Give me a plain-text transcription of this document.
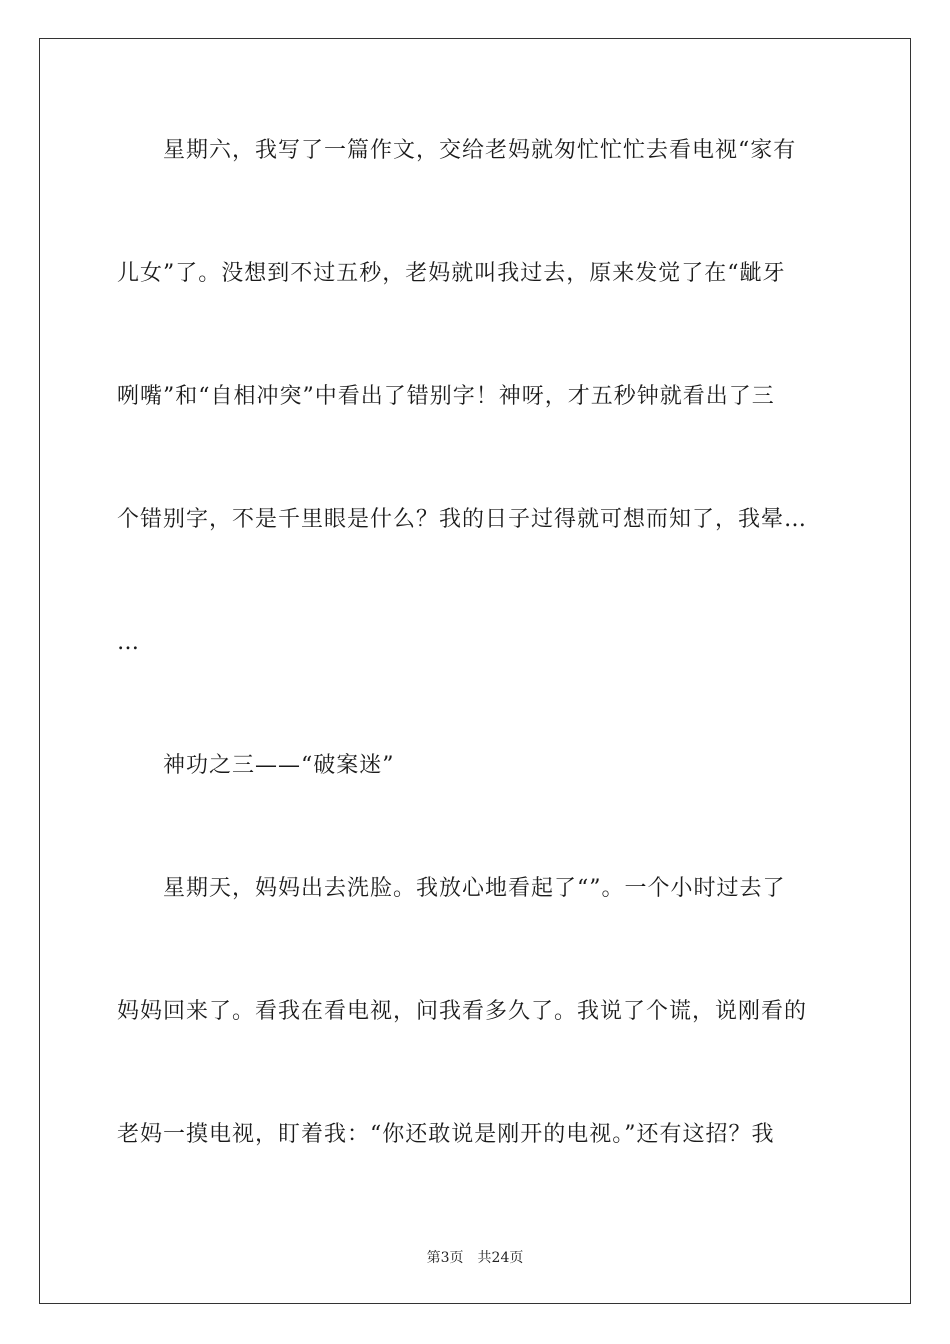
星期六，我写了一篇作文，交给老妈就匆忙忙忙去看电视“家有
儿女”了。没想到不过五秒，老妈就叫我过去，原来发觉了在“龇牙
咧嘴”和“自相冲突”中看出了错别字！神呀，才五秒钟就看出了三
个错别字，不是千里眼是什么？我的日子过得就可想而知了，我晕…
…
神功之三——“破案迷”
星期天，妈妈出去洗脸。我放心地看起了“”。一个小时过去了
妈妈回来了。看我在看电视，问我看多久了。我说了个谎，说刚看的
老妈一摸电视，盯着我：“你还敢说是刚开的电视。”还有这招？我
第3页 共24页
